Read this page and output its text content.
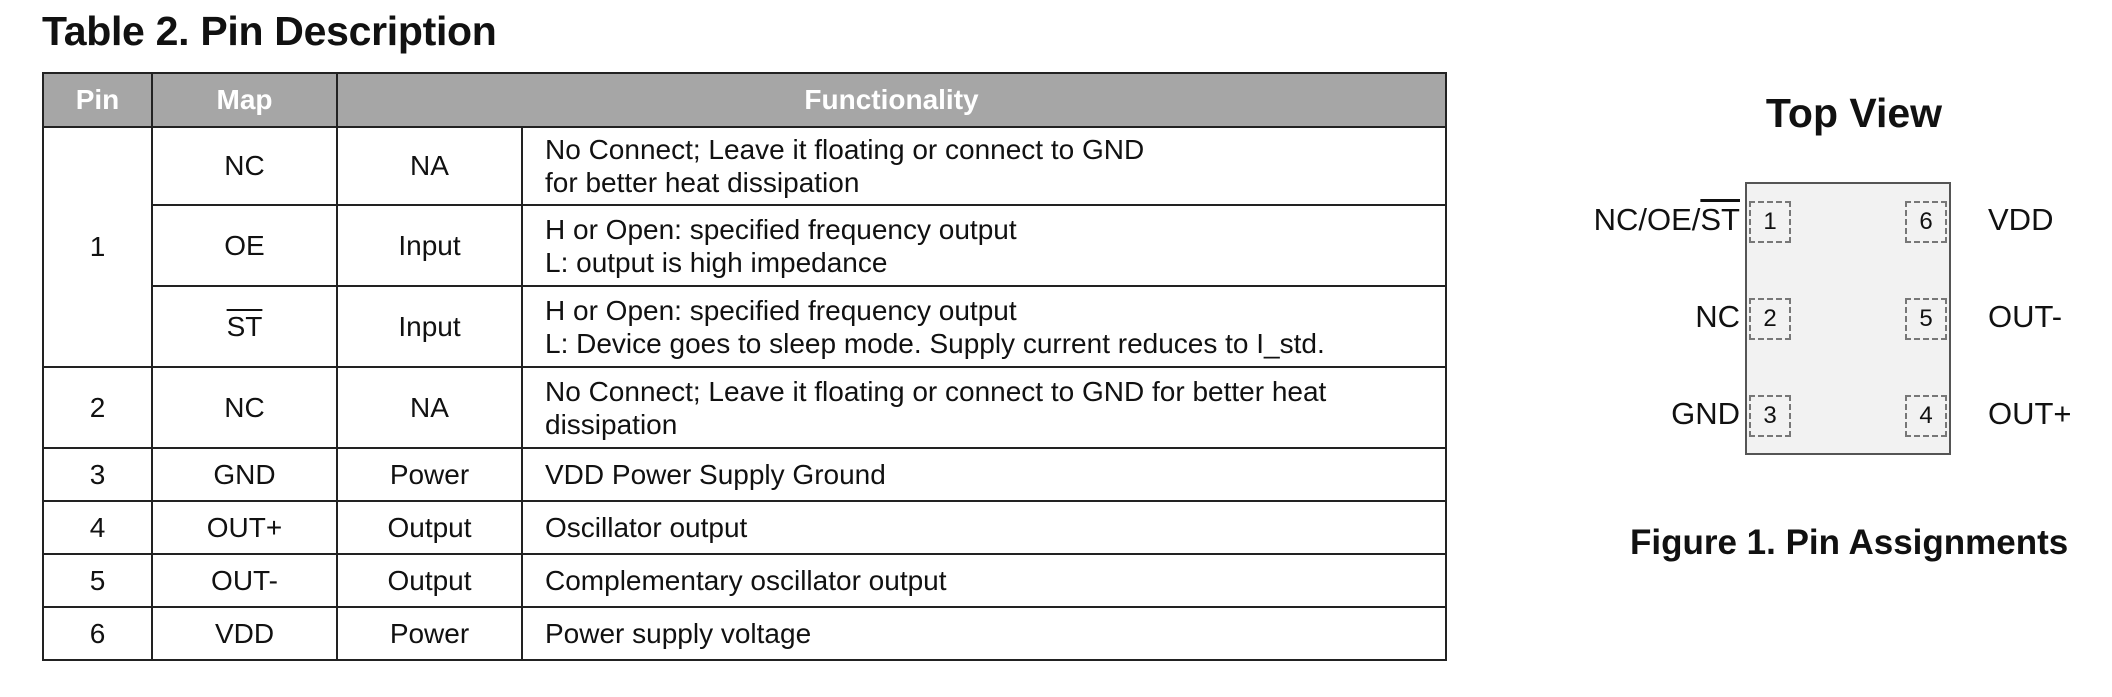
Table 2. Pin Description
Pin	Map	Functionality	
1	NC	NA	No Connect; Leave it floating or connect to GND
for better heat dissipation

	OE	Input	H or Open: specified frequency output
L: output is high impedance

	$\overline{ST}$	Input	H or Open: specified frequency output
L: Device goes to sleep mode. Supply current reduces to I_std.

2	NC	NA	No Connect; Leave it floating or connect to GND for better heat
dissipation

3	GND	Power	VDD Power Supply Ground
4	OUT+	Output	Oscillator output
5	OUT-	Output	Complementary oscillator output
6	VDD	Power	Power supply voltage
Top View
1
2
3
6
5
4
$NC/OE/\overline{ST}$
NC
GND
VDD
OUT-
OUT+
Figure 1. Pin Assignments
